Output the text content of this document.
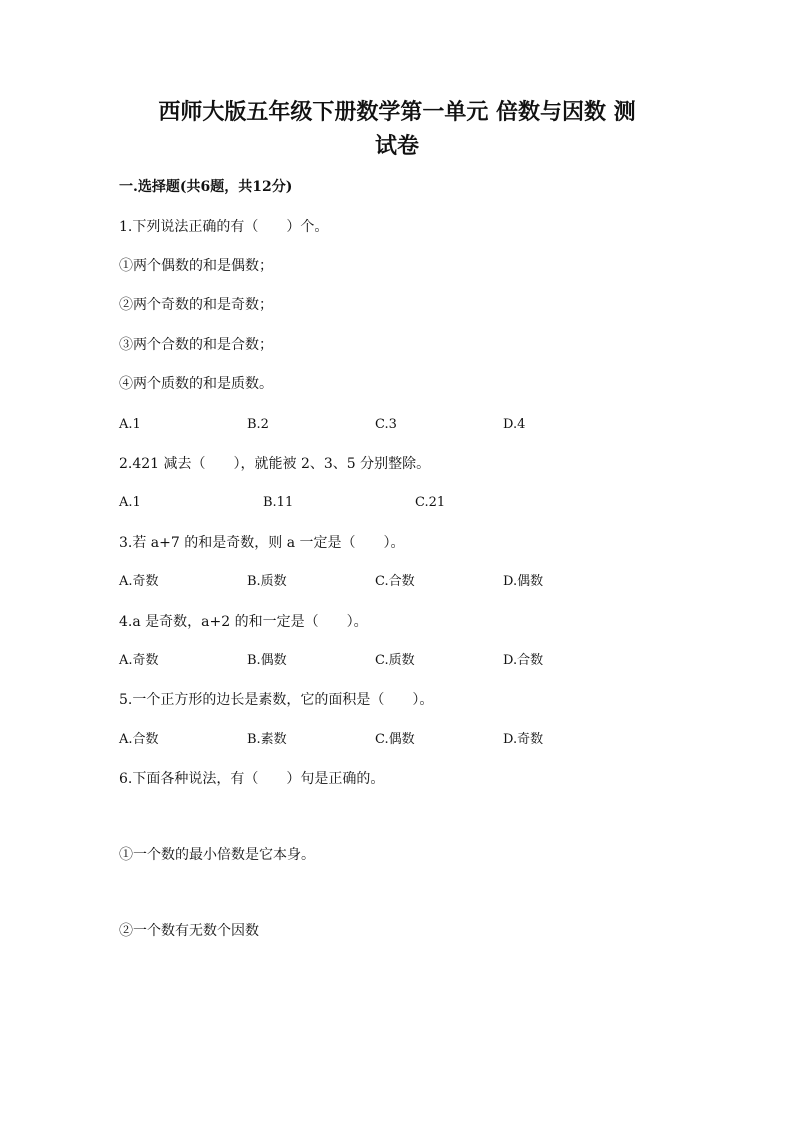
西师大版五年级下册数学第一单元 倍数与因数 测
试卷
一.选择题(共6题，共12分)
1.下列说法正确的有（　　）个。
①两个偶数的和是偶数；
②两个奇数的和是奇数；
③两个合数的和是合数；
④两个质数的和是质数。
A.1	B.2	C.3	D.4
2.421 减去（　　），就能被 2、3、5 分别整除。
A.1	B.11	C.21
3.若 a+7 的和是奇数，则 a 一定是（　　）。
A.奇数	B.质数	C.合数	D.偶数
4.a 是奇数，a+2 的和一定是（　　）。
A.奇数	B.偶数	C.质数	D.合数
5.一个正方形的边长是素数，它的面积是（　　）。
A.合数	B.素数	C.偶数	D.奇数
6.下面各种说法，有（　　）句是正确的。
①一个数的最小倍数是它本身。
②一个数有无数个因数
